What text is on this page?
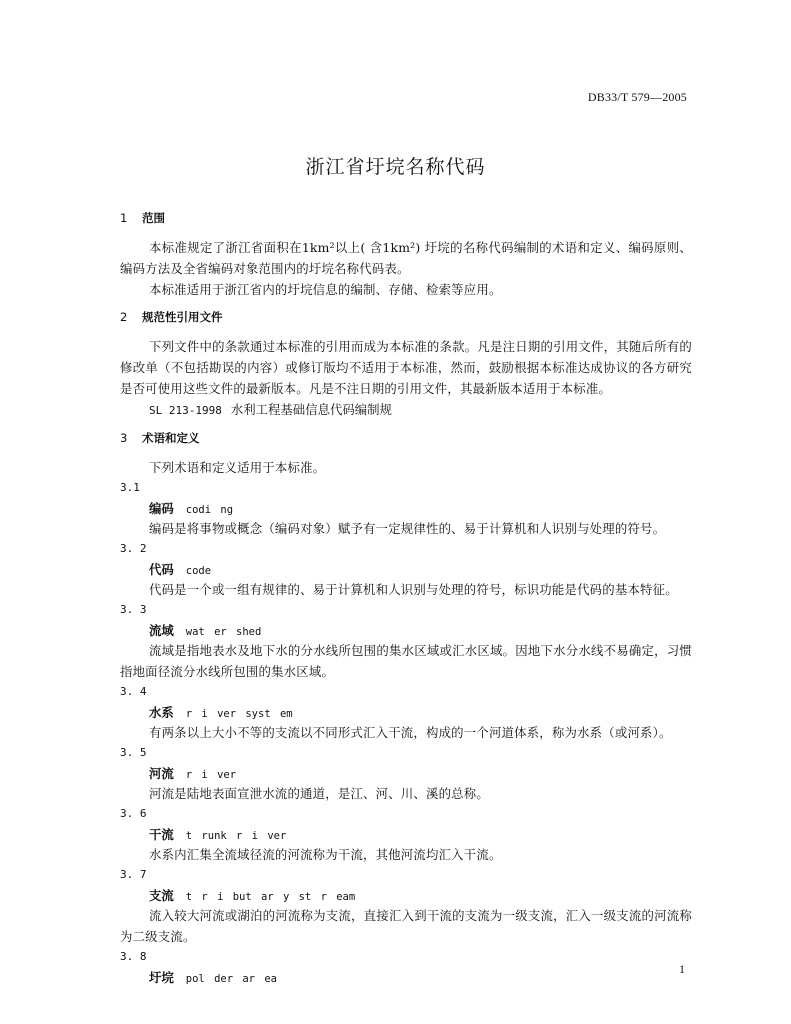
DB33/T 579—2005
浙江省圩垸名称代码
1 范围

本标准规定了浙江省面积在1km²以上( 含1km²) 圩垸的名称代码编制的术语和定义、编码原则、编码方法及全省编码对象范围内的圩垸名称代码表。

本标准适用于浙江省内的圩垸信息的编制、存储、检索等应用。

2 规范性引用文件

下列文件中的条款通过本标准的引用而成为本标准的条款。凡是注日期的引用文件，其随后所有的修改单（不包括勘误的内容）或修订版均不适用于本标准，然而，鼓励根据本标准达成协议的各方研究是否可使用这些文件的最新版本。凡是不注日期的引用文件，其最新版本适用于本标准。

SL 213-1998 水利工程基础信息代码编制规

3 术语和定义

下列术语和定义适用于本标准。

3.1
编码 codi ng

编码是将事物或概念（编码对象）赋予有一定规律性的、易于计算机和人识别与处理的符号。

3. 2
代码 code

代码是一个或一组有规律的、易于计算机和人识别与处理的符号，标识功能是代码的基本特征。

3. 3
流域 wat er shed

流域是指地表水及地下水的分水线所包围的集水区域或汇水区域。因地下水分水线不易确定，习惯指地面径流分水线所包围的集水区域。

3. 4
水系 r i ver syst em

有两条以上大小不等的支流以不同形式汇入干流，构成的一个河道体系，称为水系（或河系）。

3. 5
河流 r i ver

河流是陆地表面宣泄水流的通道，是江、河、川、溪的总称。

3. 6
干流 t runk r i ver

水系内汇集全流域径流的河流称为干流，其他河流均汇入干流。

3. 7
支流 t r i but ar y st r eam

流入较大河流或湖泊的河流称为支流，直接汇入到干流的支流为一级支流，汇入一级支流的河流称为二级支流。

3. 8
圩垸 pol der ar ea
1
